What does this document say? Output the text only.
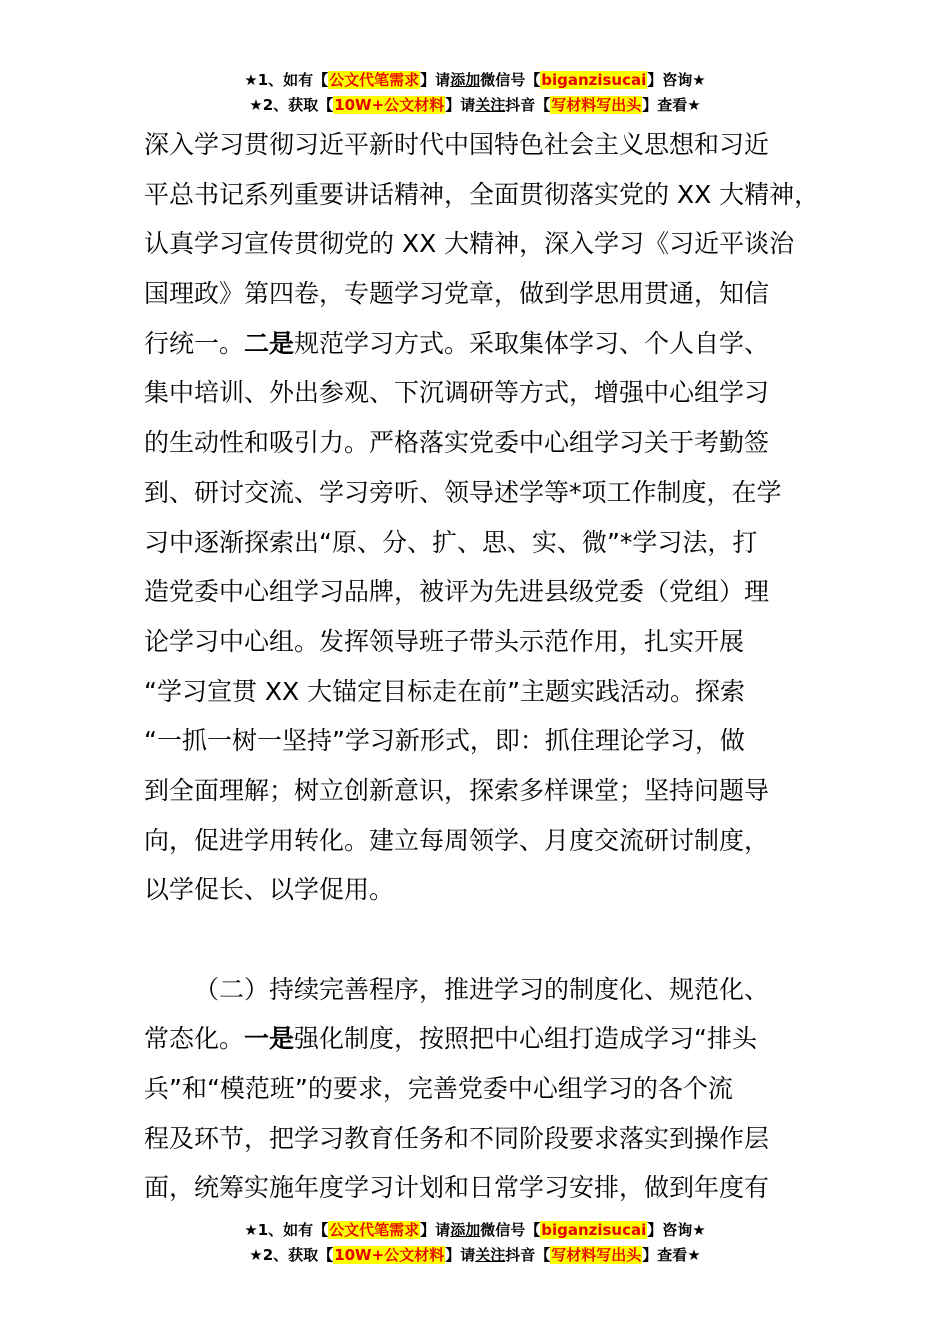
★1、如有【公文代笔需求】请添加微信号【biganzisucai】咨询★
★2、获取【10W+公文材料】请关注抖音【写材料写出头】查看★
深入学习贯彻习近平新时代中国特色社会主义思想和习近
平总书记系列重要讲话精神，全面贯彻落实党的 XX 大精神，
认真学习宣传贯彻党的 XX 大精神，深入学习《习近平谈治
国理政》第四卷，专题学习党章，做到学思用贯通，知信
行统一。二是规范学习方式。采取集体学习、个人自学、
集中培训、外出参观、下沉调研等方式，增强中心组学习
的生动性和吸引力。严格落实党委中心组学习关于考勤签
到、研讨交流、学习旁听、领导述学等*项工作制度，在学
习中逐渐探索出“原、分、扩、思、实、微”*学习法，打
造党委中心组学习品牌，被评为先进县级党委（党组）理
论学习中心组。发挥领导班子带头示范作用，扎实开展
“学习宣贯 XX 大锚定目标走在前”主题实践活动。探索
“一抓一树一坚持”学习新形式，即：抓住理论学习，做
到全面理解；树立创新意识，探索多样课堂；坚持问题导
向，促进学用转化。建立每周领学、月度交流研讨制度，
以学促长、以学促用。
（二）持续完善程序，推进学习的制度化、规范化、
常态化。一是强化制度，按照把中心组打造成学习“排头
兵”和“模范班”的要求，完善党委中心组学习的各个流
程及环节，把学习教育任务和不同阶段要求落实到操作层
面，统筹实施年度学习计划和日常学习安排，做到年度有
★1、如有【公文代笔需求】请添加微信号【biganzisucai】咨询★
★2、获取【10W+公文材料】请关注抖音【写材料写出头】查看★
